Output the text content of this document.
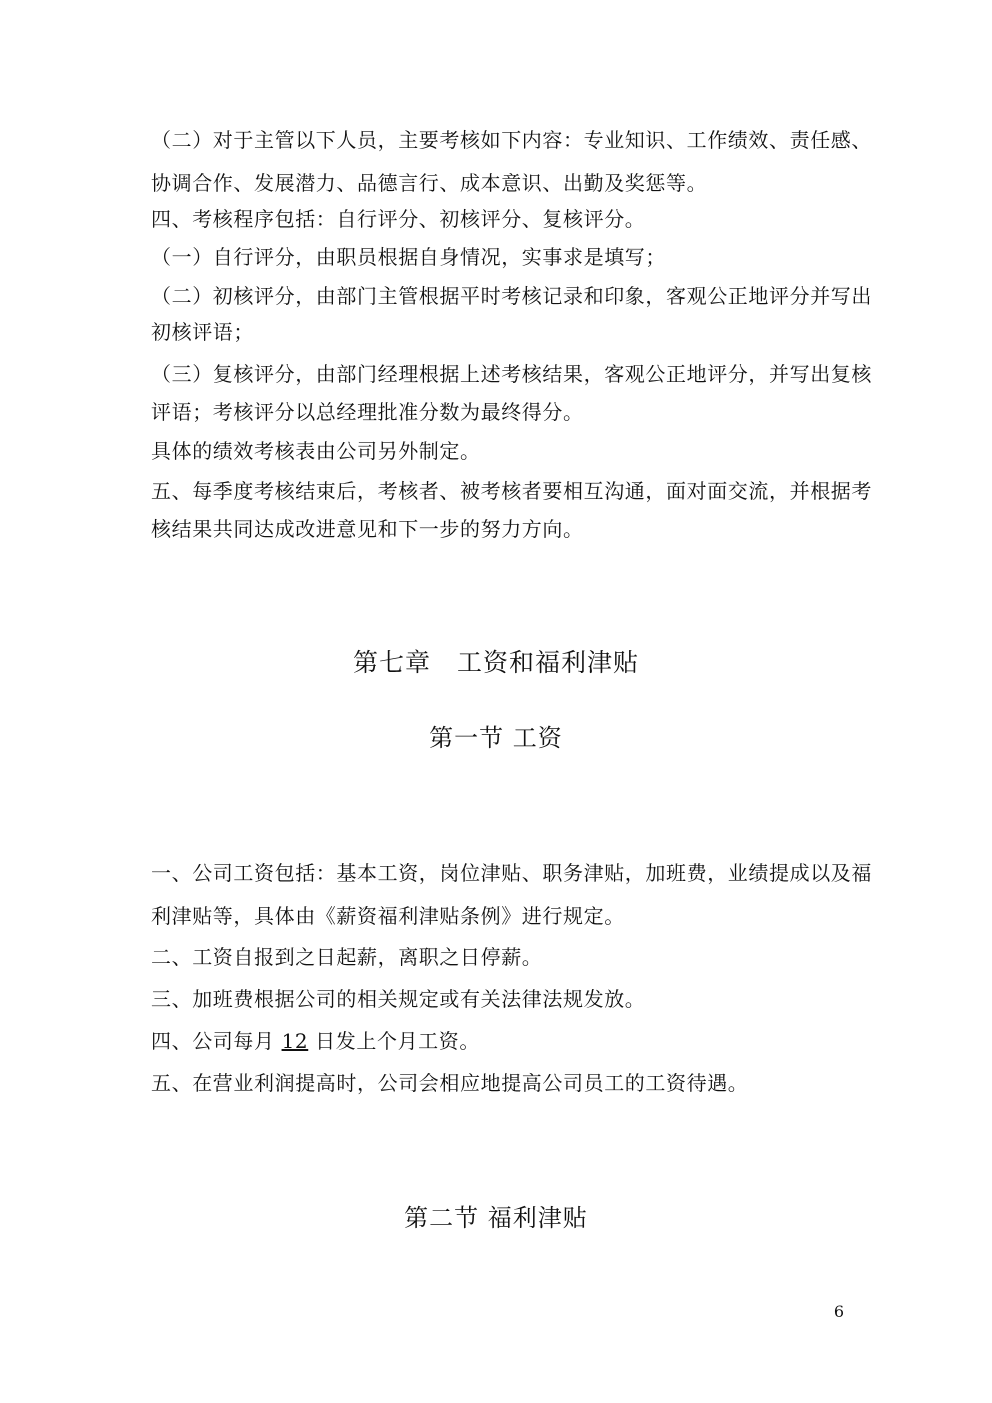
（二）对于主管以下人员，主要考核如下内容：专业知识、工作绩效、责任感、
协调合作、发展潜力、品德言行、成本意识、出勤及奖惩等。
四、考核程序包括：自行评分、初核评分、复核评分。
（一）自行评分，由职员根据自身情况，实事求是填写；
（二）初核评分，由部门主管根据平时考核记录和印象，客观公正地评分并写出
初核评语；
（三）复核评分，由部门经理根据上述考核结果，客观公正地评分，并写出复核
评语；考核评分以总经理批准分数为最终得分。
具体的绩效考核表由公司另外制定。
五、每季度考核结束后，考核者、被考核者要相互沟通，面对面交流，并根据考
核结果共同达成改进意见和下一步的努力方向。
第七章　工资和福利津贴
第一节 工资
一、公司工资包括：基本工资，岗位津贴、职务津贴，加班费，业绩提成以及福
利津贴等，具体由《薪资福利津贴条例》进行规定。
二、工资自报到之日起薪，离职之日停薪。
三、加班费根据公司的相关规定或有关法律法规发放。
四、公司每月 12 日发上个月工资。
五、在营业利润提高时，公司会相应地提高公司员工的工资待遇。
第二节 福利津贴
6
